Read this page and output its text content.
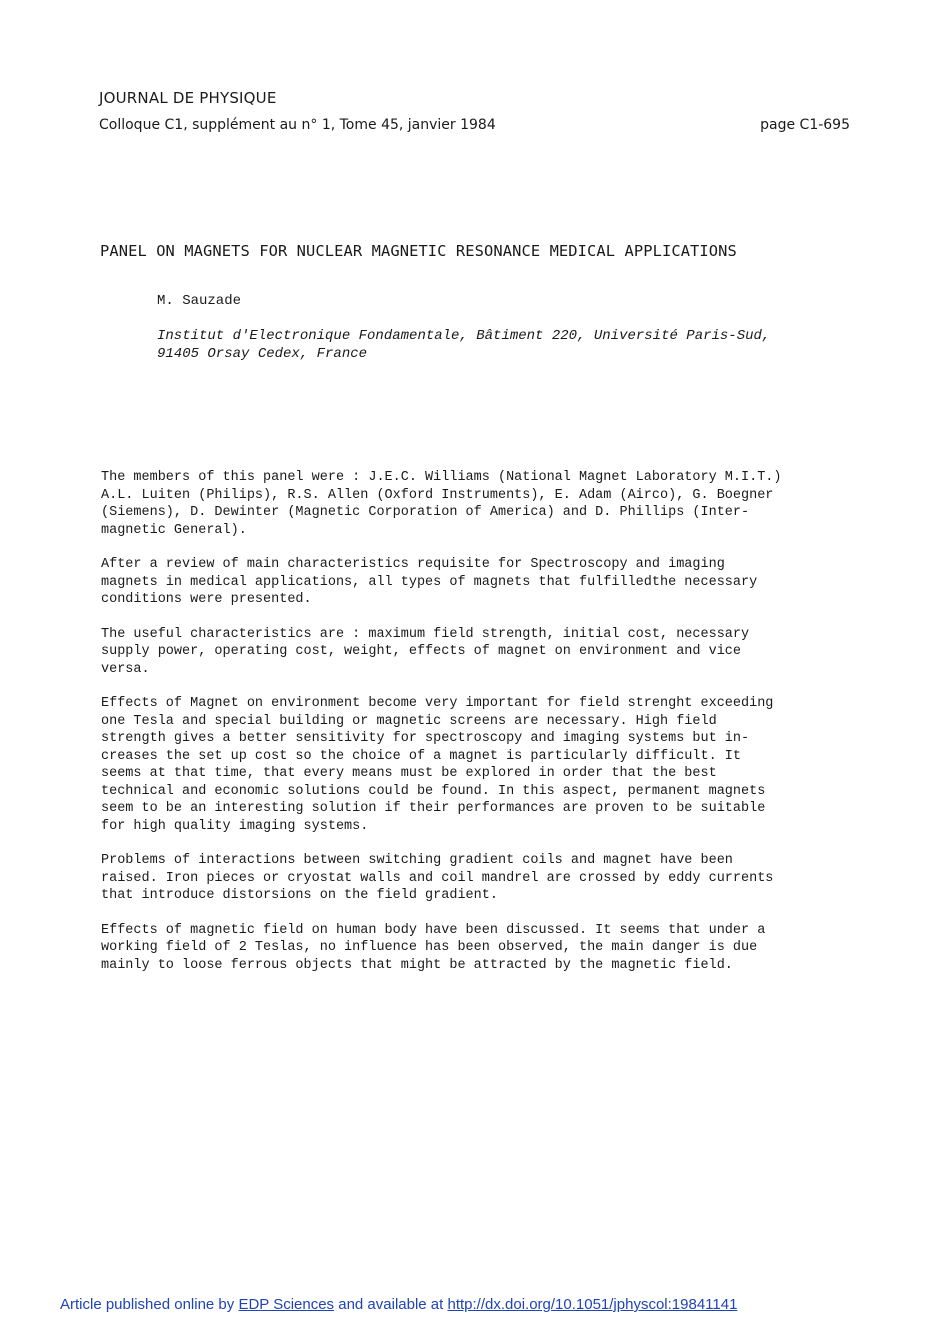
JOURNAL DE PHYSIQUE
Colloque C1, supplément au n° 1, Tome 45, janvier 1984	page C1-695
PANEL ON MAGNETS FOR NUCLEAR MAGNETIC RESONANCE MEDICAL APPLICATIONS
M. Sauzade
Institut d'Electronique Fondamentale, Bâtiment 220, Université Paris-Sud,
91405 Orsay Cedex, France

The members of this panel were : J.E.C. Williams (National Magnet Laboratory M.I.T.)
A.L. Luiten (Philips), R.S. Allen (Oxford Instruments), E. Adam (Airco), G. Boegner
(Siemens), D. Dewinter (Magnetic Corporation of America) and D. Phillips (Inter-
magnetic General).

After a review of main characteristics requisite for Spectroscopy and imaging
magnets in medical applications, all types of magnets that fulfilledthe necessary
conditions were presented.

The useful characteristics are : maximum field strength, initial cost, necessary
supply power, operating cost, weight, effects of magnet on environment and vice
versa.

Effects of Magnet on environment become very important for field strenght exceeding
one Tesla and special building or magnetic screens are necessary. High field
strength gives a better sensitivity for spectroscopy and imaging systems but in-
creases the set up cost so the choice of a magnet is particularly difficult. It
seems at that time, that every means must be explored in order that the best
technical and economic solutions could be found. In this aspect, permanent magnets
seem to be an interesting solution if their performances are proven to be suitable
for high quality imaging systems.

Problems of interactions between switching gradient coils and magnet have been
raised. Iron pieces or cryostat walls and coil mandrel are crossed by eddy currents
that introduce distorsions on the field gradient.

Effects of magnetic field on human body have been discussed. It seems that under a
working field of 2 Teslas, no influence has been observed, the main danger is due
mainly to loose ferrous objects that might be attracted by the magnetic field.

Article published online by EDP Sciences and available at http://dx.doi.org/10.1051/jphyscol:19841141
